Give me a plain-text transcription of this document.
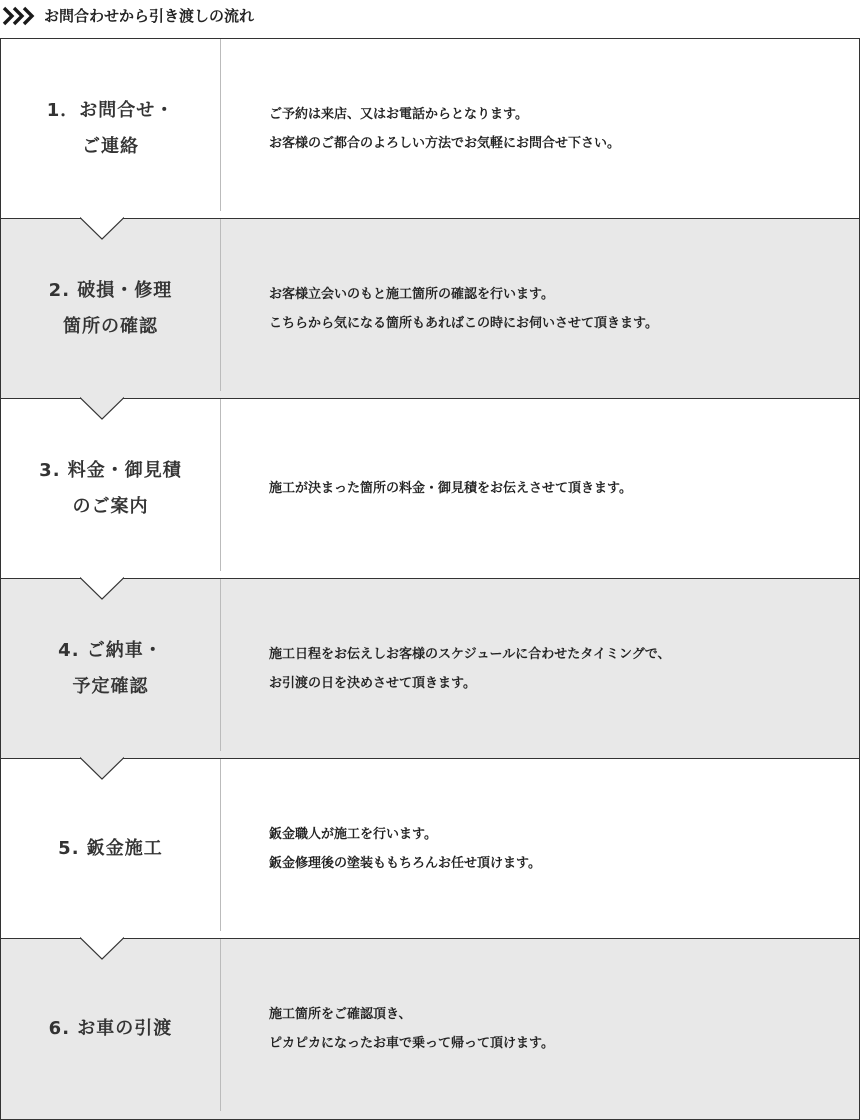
お問合わせから引き渡しの流れ
1．お問合せ・
ご連絡
ご予約は来店、又はお電話からとなります。
お客様のご都合のよろしい方法でお気軽にお問合せ下さい。
2. 破損・修理
箇所の確認
お客様立会いのもと施工箇所の確認を行います。
こちらから気になる箇所もあればこの時にお伺いさせて頂きます。
3. 料金・御見積
のご案内
施工が決まった箇所の料金・御見積をお伝えさせて頂きます。
4. ご納車・
予定確認
施工日程をお伝えしお客様のスケジュールに合わせたタイミングで、
お引渡の日を決めさせて頂きます。
5. 鈑金施工
鈑金職人が施工を行います。
鈑金修理後の塗装ももちろんお任せ頂けます。
6. お車の引渡
施工箇所をご確認頂き、
ピカピカになったお車で乗って帰って頂けます。
